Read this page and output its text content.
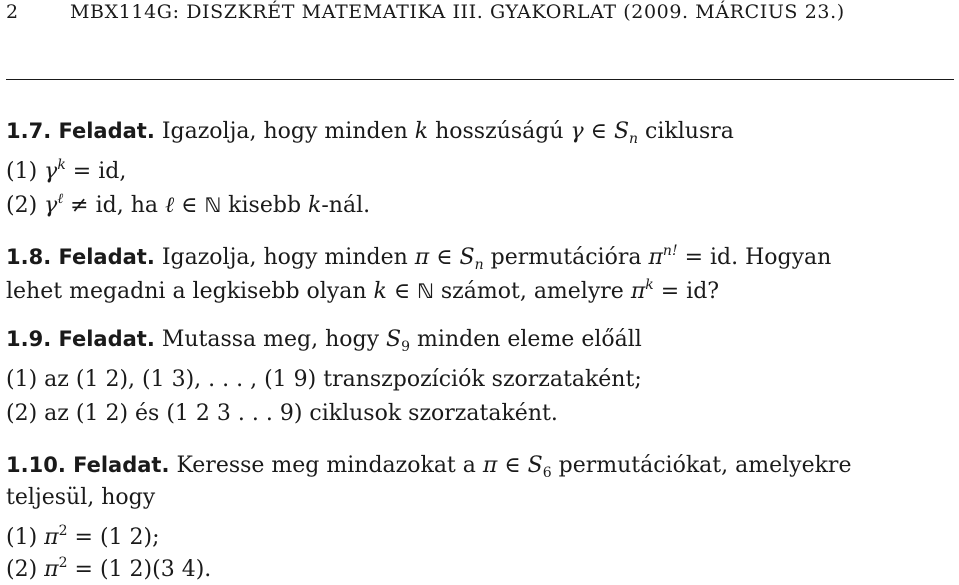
2	MBX114G: DISZKRÉT MATEMATIKA III. GYAKORLAT (2009. MÁRCIUS 23.)
1.7. Feladat. Igazolja, hogy minden k hosszúságú γ ∈ $S_n$ ciklusra
(1) $\gamma^k$ = id,
(2) $\gamma^\ell$ ≠ id, ha ℓ ∈ ℕ kisebb k-nál.
1.8. Feladat. Igazolja, hogy minden π ∈ $S_n$ permutációra $\pi^{n!}$ = id. Hogyan
lehet megadni a legkisebb olyan k ∈ ℕ számot, amelyre $\pi^k$ = id?
1.9. Feladat. Mutassa meg, hogy $S_9$ minden eleme előáll
(1) az (1 2), (1 3), . . . , (1 9) transzpozíciók szorzataként;
(2) az (1 2) és (1 2 3 . . . 9) ciklusok szorzataként.
1.10. Feladat. Keresse meg mindazokat a π ∈ $S_6$ permutációkat, amelyekre
teljesül, hogy
(1) $\pi^2 = (1$ 2);
(2) $\pi^2 = (1$ 2)(3 4).
